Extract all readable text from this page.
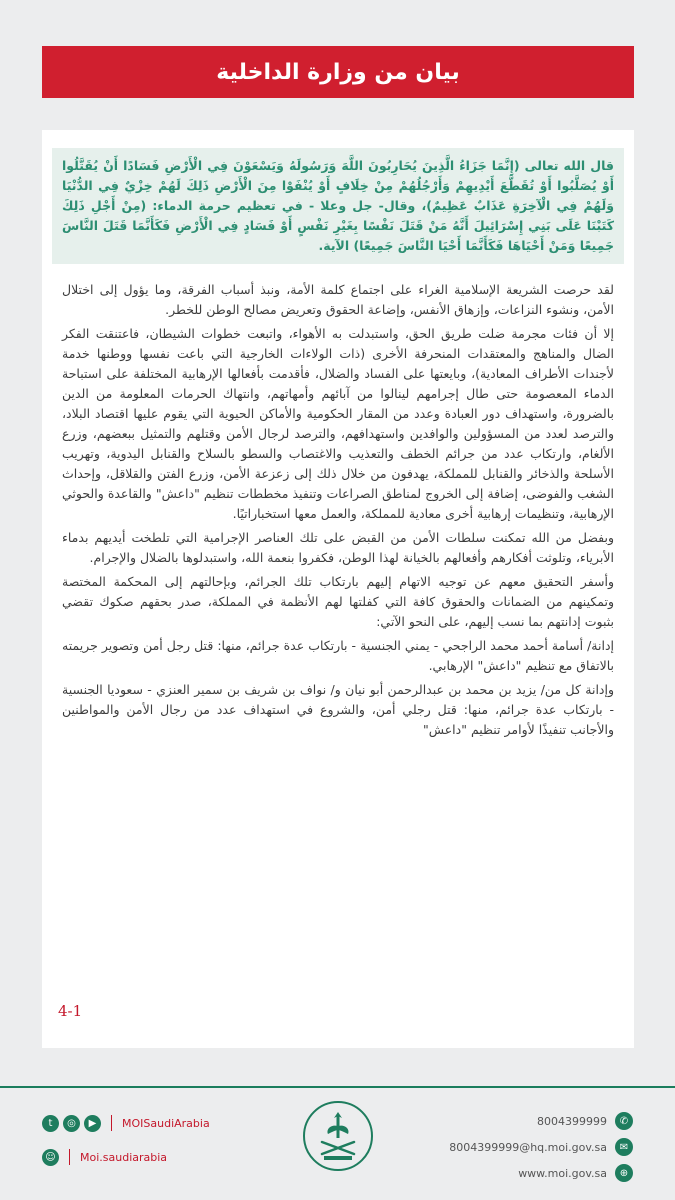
بيان من وزارة الداخلية
قال الله تعالى (إِنَّمَا جَزَاءُ الَّذِينَ يُحَارِبُونَ اللَّهَ وَرَسُولَهُ وَيَسْعَوْنَ فِي الْأَرْضِ فَسَادًا أَنْ يُقَتَّلُوا أَوْ يُصَلَّبُوا أَوْ تُقَطَّعَ أَيْدِيهِمْ وَأَرْجُلُهُمْ مِنْ خِلَافٍ أَوْ يُنْفَوْا مِنَ الْأَرْضِ ذَلِكَ لَهُمْ خِزْيٌ فِي الدُّنْيَا وَلَهُمْ فِي الْآخِرَةِ عَذَابٌ عَظِيمٌ)، وقال- جل وعلا - في تعظيم حرمة الدماء: (مِنْ أَجْلِ ذَلِكَ كَتَبْنَا عَلَى بَنِي إِسْرَائِيلَ أَنَّهُ مَنْ قَتَلَ نَفْسًا بِغَيْرِ نَفْسٍ أَوْ فَسَادٍ فِي الْأَرْضِ فَكَأَنَّمَا قَتَلَ النَّاسَ جَمِيعًا وَمَنْ أَحْيَاهَا فَكَأَنَّمَا أَحْيَا النَّاسَ جَمِيعًا) الآية.

لقد حرصت الشريعة الإسلامية الغراء على اجتماع كلمة الأمة، ونبذ أسباب الفرقة، وما يؤول إلى اختلال الأمن، ونشوء النزاعات، وإزهاق الأنفس، وإضاعة الحقوق وتعريض مصالح الوطن للخطر.

إلا أن فئات مجرمة ضلت طريق الحق، واستبدلت به الأهواء، واتبعت خطوات الشيطان، فاعتنقت الفكر الضال والمناهج والمعتقدات المنحرفة الأخرى (ذات الولاءات الخارجية التي باعت نفسها ووطنها خدمة لأجندات الأطراف المعادية)، وبايعتها على الفساد والضلال، فأقدمت بأفعالها الإرهابية المختلفة على استباحة الدماء المعصومة حتى طال إجرامهم لينالوا من آبائهم وأمهاتهم، وانتهاك الحرمات المعلومة من الدين بالضرورة، واستهداف دور العبادة وعدد من المقار الحكومية والأماكن الحيوية التي يقوم عليها اقتصاد البلاد، والترصد لعدد من المسؤولين والوافدين واستهدافهم، والترصد لرجال الأمن وقتلهم والتمثيل ببعضهم، وزرع الألغام، وارتكاب عدد من جرائم الخطف والتعذيب والاغتصاب والسطو بالسلاح والقنابل اليدوية، وتهريب الأسلحة والذخائر والقنابل للمملكة، يهدفون من خلال ذلك إلى زعزعة الأمن، وزرع الفتن والقلاقل، وإحداث الشغب والفوضى، إضافة إلى الخروج لمناطق الصراعات وتنفيذ مخططات تنظيم "داعش" والقاعدة والحوثي الإرهابية، وتنظيمات إرهابية أخرى معادية للمملكة، والعمل معها استخباراتيًا.

وبفضل من الله تمكنت سلطات الأمن من القبض على تلك العناصر الإجرامية التي تلطخت أيديهم بدماء الأبرياء، وتلوثت أفكارهم وأفعالهم بالخيانة لهذا الوطن، فكفروا بنعمة الله، واستبدلوها بالضلال والإجرام.

وأسفر التحقيق معهم عن توجيه الاتهام إليهم بارتكاب تلك الجرائم، وبإحالتهم إلى المحكمة المختصة وتمكينهم من الضمانات والحقوق كافة التي كفلتها لهم الأنظمة في المملكة، صدر بحقهم صكوك تقضي بثبوت إدانتهم بما نسب إليهم، على النحو الآتي:

إدانة/ أسامة أحمد محمد الراجحي - يمني الجنسية - بارتكاب عدة جرائم، منها: قتل رجل أمن وتصوير جريمته بالاتفاق مع تنظيم "داعش" الإرهابي.

وإدانة كل من/ يزيد بن محمد بن عبدالرحمن أبو نيان و/ نواف بن شريف بن سمير العنزي - سعوديا الجنسية - بارتكاب عدة جرائم، منها: قتل رجلي أمن، والشروع في استهداف عدد من رجال الأمن والمواطنين والأجانب تنفيذًا لأوامر تنظيم "داعش"

4-1
t	◎	▶	MOISaudiArabia
☺ Moi.saudiarabia
8004399999	✆
8004399999@hq.moi.gov.sa	✉
www.moi.gov.sa	⊕
